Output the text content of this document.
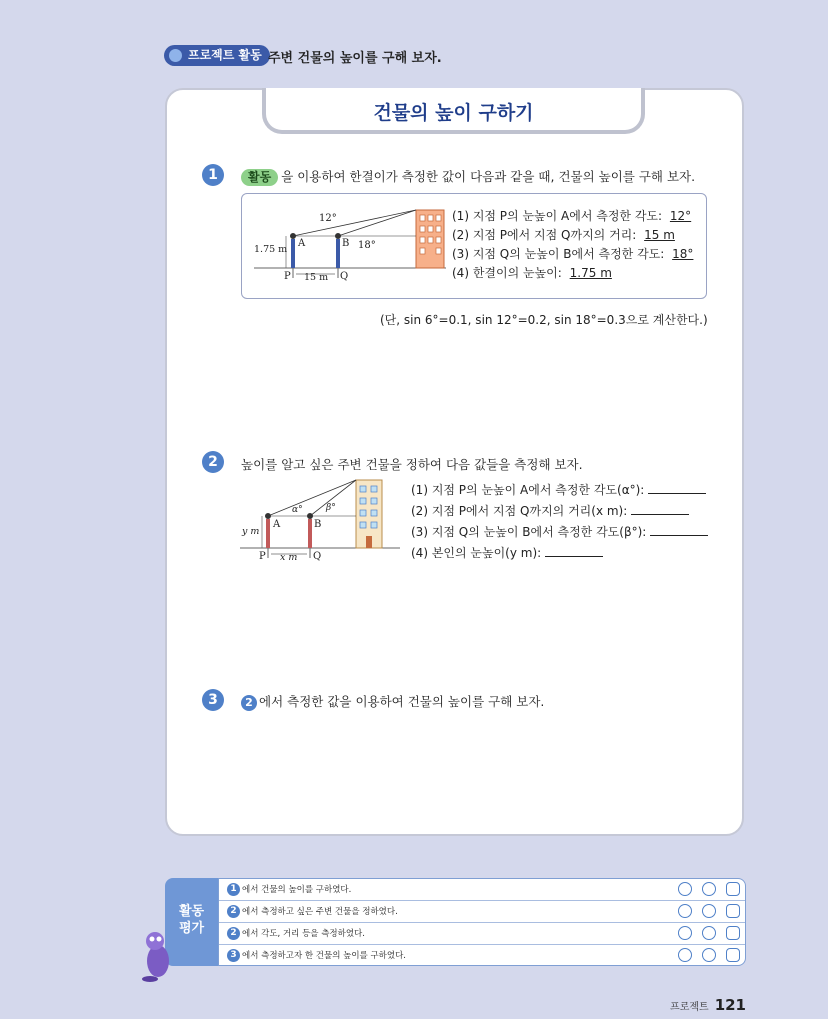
프로젝트 활동 주변 건물의 높이를 구해 보자.
건물의 높이 구하기
1	활동 을 이용하여 한결이가 측정한 값이 다음과 같을 때, 건물의 높이를 구해 보자.
12°
18°
1.75 m
A	B
P	Q
15 m
(1) 지점 P의 눈높이 A에서 측정한 각도: 12°
(2) 지점 P에서 지점 Q까지의 거리: 15 m
(3) 지점 Q의 눈높이 B에서 측정한 각도: 18°
(4) 한결이의 눈높이: 1.75 m
(단, sin 6°=0.1, sin 12°=0.2, sin 18°=0.3으로 계산한다.)
2	높이를 알고 싶은 주변 건물을 정하여 다음 값들을 측정해 보자.
α°	β°
y m
A	B
P	Q
x m
(1) 지점 P의 눈높이 A에서 측정한 각도(α°):
(2) 지점 P에서 지점 Q까지의 거리(x m):
(3) 지점 Q의 눈높이 B에서 측정한 각도(β°):
(4) 본인의 눈높이(y m):
3	2 에서 측정한 값을 이용하여 건물의 높이를 구해 보자.
활동
평가
1 에서 건물의 높이를 구하였다.
2 에서 측정하고 싶은 주변 건물을 정하였다.
2 에서 각도, 거리 등을 측정하였다.
3 에서 측정하고자 한 건물의 높이를 구하였다.
프로젝트 121
